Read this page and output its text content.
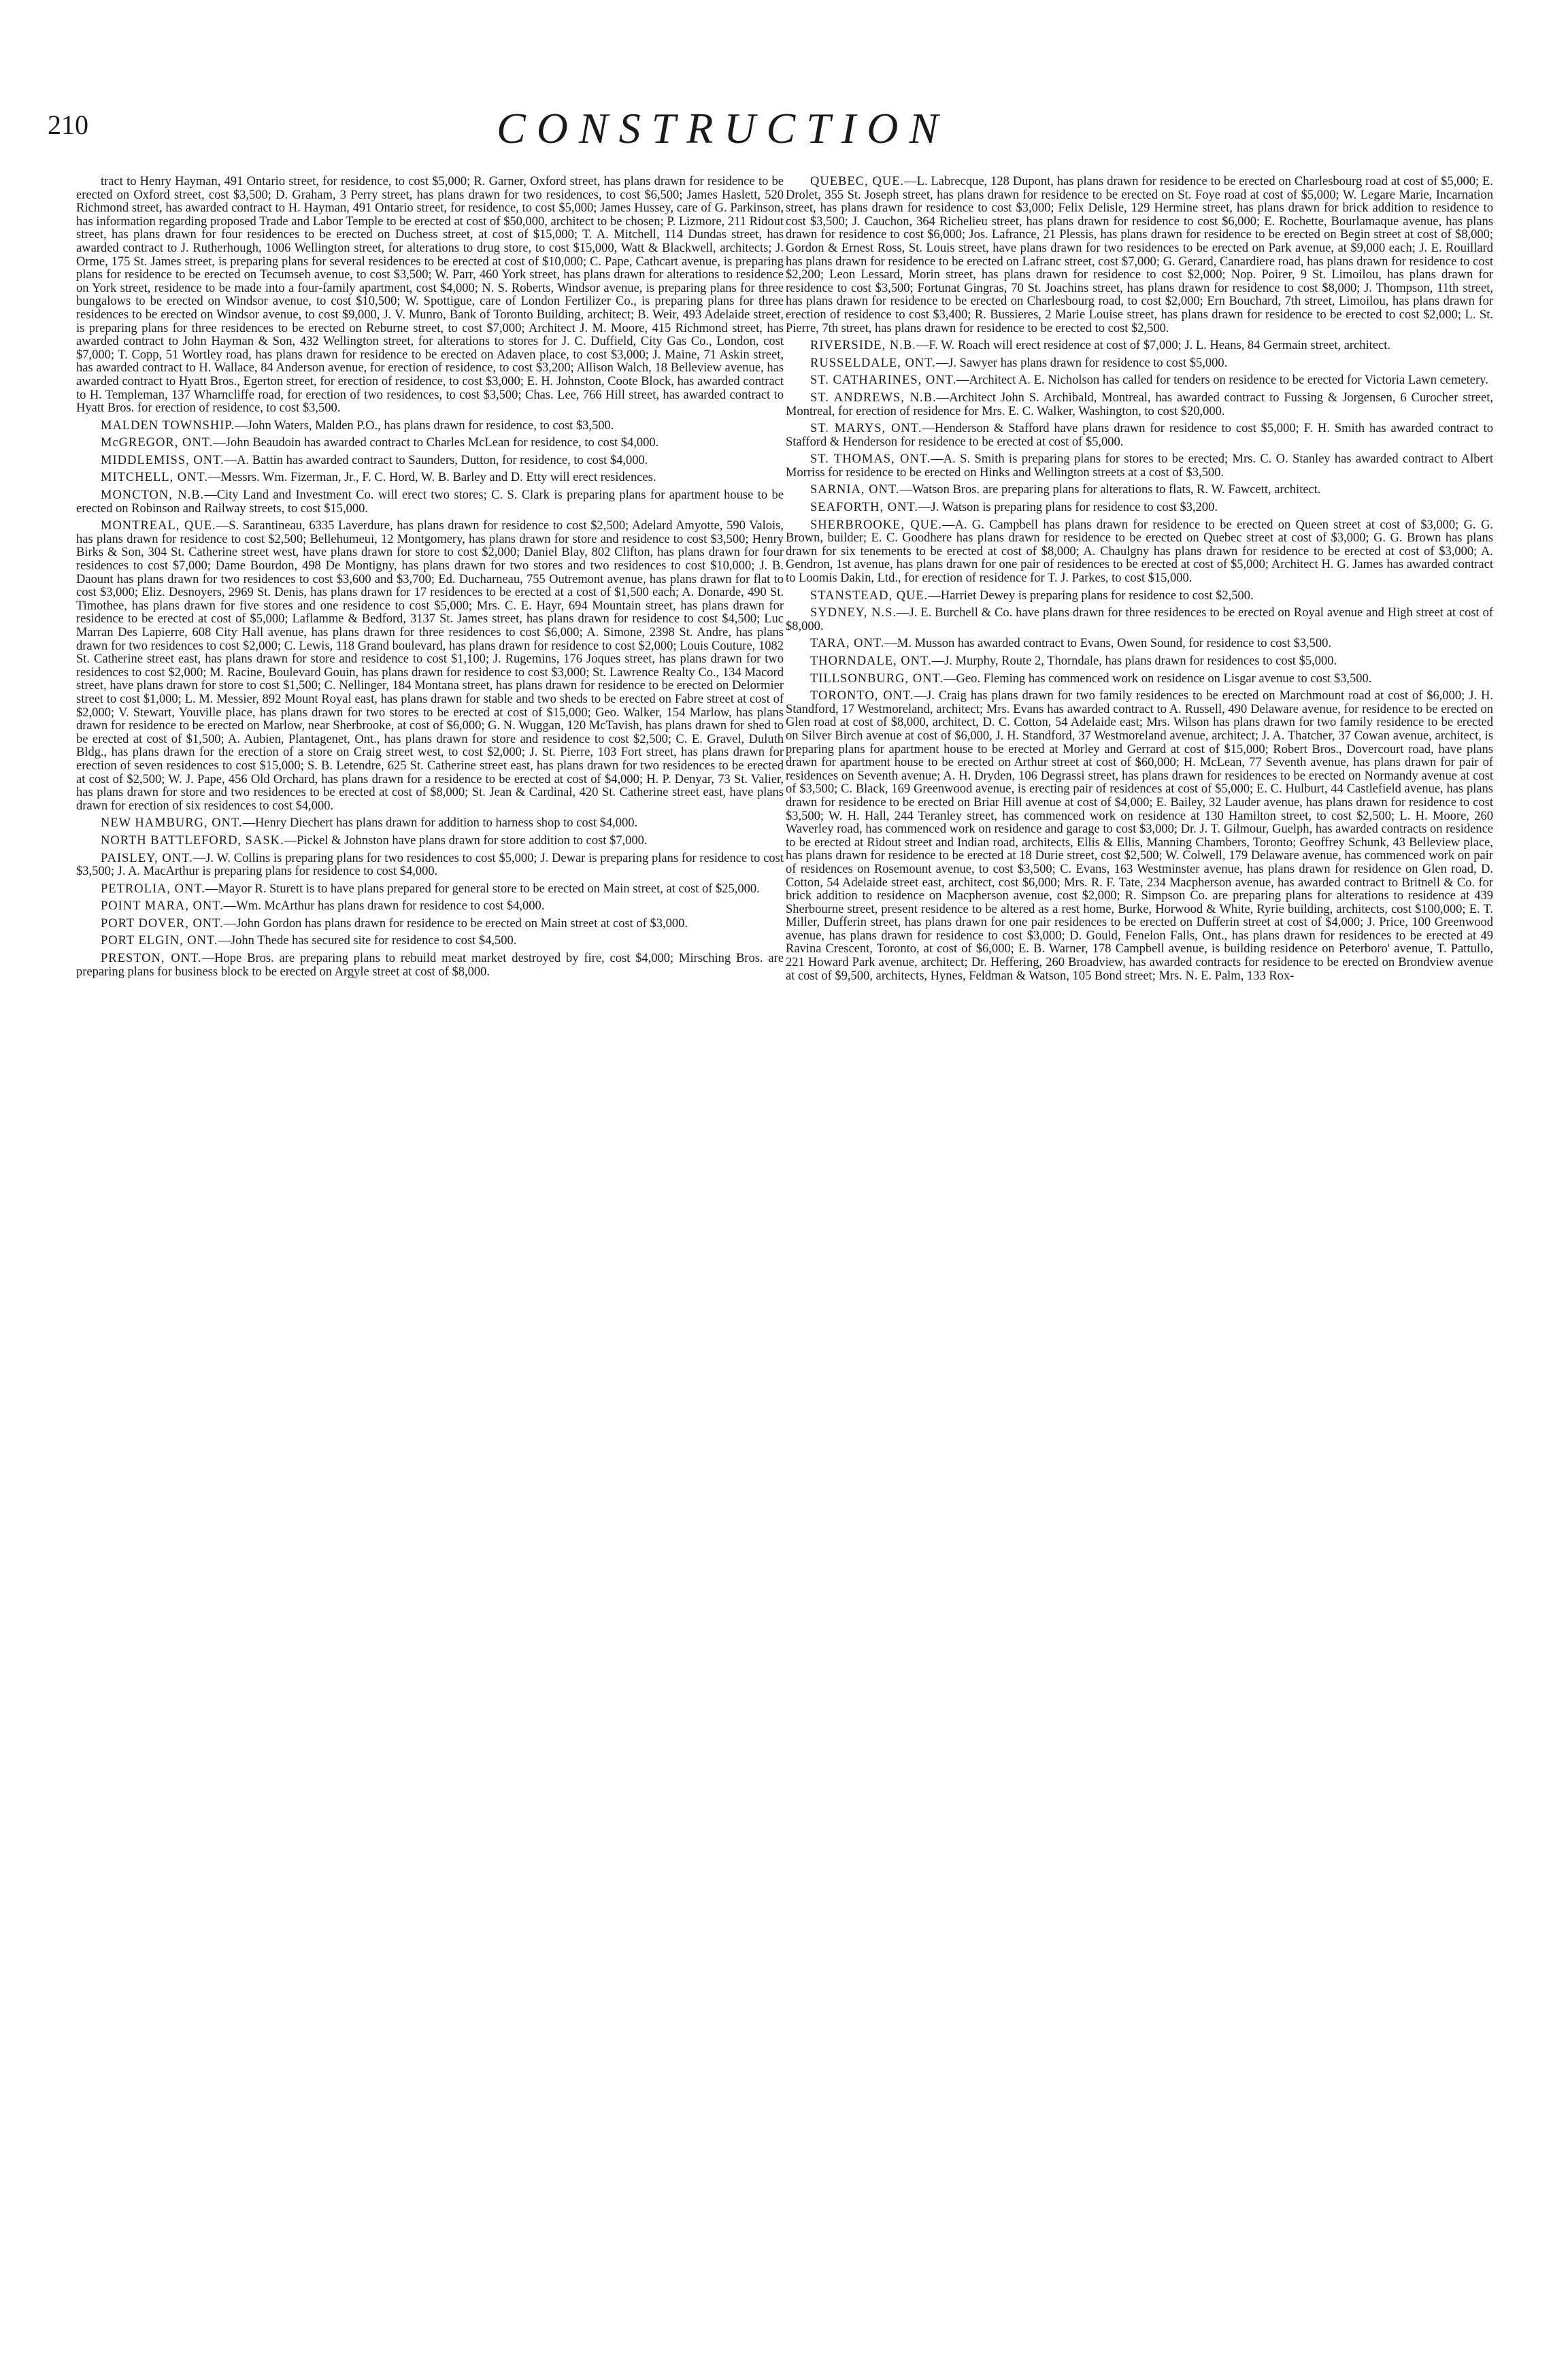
210	CONSTRUCTION

tract to Henry Hayman, 491 Ontario street, for residence, to cost $5,000; R. Garner, Oxford street, has plans drawn for residence to be erected on Oxford street, cost $3,500; D. Graham, 3 Perry street, has plans drawn for two residences, to cost $6,500; James Haslett, 520 Richmond street, has awarded contract to H. Hayman, 491 Ontario street, for residence, to cost $5,000; James Hussey, care of G. Parkinson, has information regarding proposed Trade and Labor Temple to be erected at cost of $50,000, architect to be chosen; P. Lizmore, 211 Ridout street, has plans drawn for four residences to be erected on Duchess street, at cost of $15,000; T. A. Mitchell, 114 Dundas street, has awarded contract to J. Rutherhough, 1006 Wellington street, for alterations to drug store, to cost $15,000, Watt & Blackwell, architects; J. Orme, 175 St. James street, is preparing plans for several residences to be erected at cost of $10,000; C. Pape, Cathcart avenue, is preparing plans for residence to be erected on Tecumseh avenue, to cost $3,500; W. Parr, 460 York street, has plans drawn for alterations to residence on York street, residence to be made into a four-family apartment, cost $4,000; N. S. Roberts, Windsor avenue, is preparing plans for three bungalows to be erected on Windsor avenue, to cost $10,500; W. Spottigue, care of London Fertilizer Co., is preparing plans for three residences to be erected on Windsor avenue, to cost $9,000, J. V. Munro, Bank of Toronto Building, architect; B. Weir, 493 Adelaide street, is preparing plans for three residences to be erected on Reburne street, to cost $7,000; Architect J. M. Moore, 415 Richmond street, has awarded contract to John Hayman & Son, 432 Wellington street, for alterations to stores for J. C. Duffield, City Gas Co., London, cost $7,000; T. Copp, 51 Wortley road, has plans drawn for residence to be erected on Adaven place, to cost $3,000; J. Maine, 71 Askin street, has awarded contract to H. Wallace, 84 Anderson avenue, for erection of residence, to cost $3,200; Allison Walch, 18 Belleview avenue, has awarded contract to Hyatt Bros., Egerton street, for erection of residence, to cost $3,000; E. H. Johnston, Coote Block, has awarded contract to H. Templeman, 137 Wharncliffe road, for erection of two residences, to cost $3,500; Chas. Lee, 766 Hill street, has awarded contract to Hyatt Bros. for erection of residence, to cost $3,500.

MALDEN TOWNSHIP.—John Waters, Malden P.O., has plans drawn for residence, to cost $3,500.

McGREGOR, ONT.—John Beaudoin has awarded contract to Charles McLean for residence, to cost $4,000.

MIDDLEMISS, ONT.—A. Battin has awarded contract to Saunders, Dutton, for residence, to cost $4,000.

MITCHELL, ONT.—Messrs. Wm. Fizerman, Jr., F. C. Hord, W. B. Barley and D. Etty will erect residences.

MONCTON, N.B.—City Land and Investment Co. will erect two stores; C. S. Clark is preparing plans for apartment house to be erected on Robinson and Railway streets, to cost $15,000.

MONTREAL, QUE.—S. Sarantineau, 6335 Laverdure, has plans drawn for residence to cost $2,500; Adelard Amyotte, 590 Valois, has plans drawn for residence to cost $2,500; Bellehumeui, 12 Montgomery, has plans drawn for store and residence to cost $3,500; Henry Birks & Son, 304 St. Catherine street west, have plans drawn for store to cost $2,000; Daniel Blay, 802 Clifton, has plans drawn for four residences to cost $7,000; Dame Bourdon, 498 De Montigny, has plans drawn for two stores and two residences to cost $10,000; J. B. Daount has plans drawn for two residences to cost $3,600 and $3,700; Ed. Ducharneau, 755 Outremont avenue, has plans drawn for flat to cost $3,000; Eliz. Desnoyers, 2969 St. Denis, has plans drawn for 17 residences to be erected at a cost of $1,500 each; A. Donarde, 490 St. Timothee, has plans drawn for five stores and one residence to cost $5,000; Mrs. C. E. Hayr, 694 Mountain street, has plans drawn for residence to be erected at cost of $5,000; Laflamme & Bedford, 3137 St. James street, has plans drawn for residence to cost $4,500; Luc Marran Des Lapierre, 608 City Hall avenue, has plans drawn for three residences to cost $6,000; A. Simone, 2398 St. Andre, has plans drawn for two residences to cost $2,000; C. Lewis, 118 Grand boulevard, has plans drawn for residence to cost $2,000; Louis Couture, 1082 St. Catherine street east, has plans drawn for store and residence to cost $1,100; J. Rugemins, 176 Joques street, has plans drawn for two residences to cost $2,000; M. Racine, Boulevard Gouin, has plans drawn for residence to cost $3,000; St. Lawrence Realty Co., 134 Macord street, have plans drawn for store to cost $1,500; C. Nellinger, 184 Montana street, has plans drawn for residence to be erected on Delormier street to cost $1,000; L. M. Messier, 892 Mount Royal east, has plans drawn for stable and two sheds to be erected on Fabre street at cost of $2,000; V. Stewart, Youville place, has plans drawn for two stores to be erected at cost of $15,000; Geo. Walker, 154 Marlow, has plans drawn for residence to be erected on Marlow, near Sherbrooke, at cost of $6,000; G. N. Wuggan, 120 McTavish, has plans drawn for shed to be erected at cost of $1,500; A. Aubien, Plantagenet, Ont., has plans drawn for store and residence to cost $2,500; C. E. Gravel, Duluth Bldg., has plans drawn for the erection of a store on Craig street west, to cost $2,000; J. St. Pierre, 103 Fort street, has plans drawn for erection of seven residences to cost $15,000; S. B. Letendre, 625 St. Catherine street east, has plans drawn for two residences to be erected at cost of $2,500; W. J. Pape, 456 Old Orchard, has plans drawn for a residence to be erected at cost of $4,000; H. P. Denyar, 73 St. Valier, has plans drawn for store and two residences to be erected at cost of $8,000; St. Jean & Cardinal, 420 St. Catherine street east, have plans drawn for erection of six residences to cost $4,000.

NEW HAMBURG, ONT.—Henry Diechert has plans drawn for addition to harness shop to cost $4,000.

NORTH BATTLEFORD, SASK.—Pickel & Johnston have plans drawn for store addition to cost $7,000.

PAISLEY, ONT.—J. W. Collins is preparing plans for two residences to cost $5,000; J. Dewar is preparing plans for residence to cost $3,500; J. A. MacArthur is preparing plans for residence to cost $4,000.

PETROLIA, ONT.—Mayor R. Sturett is to have plans prepared for general store to be erected on Main street, at cost of $25,000.

POINT MARA, ONT.—Wm. McArthur has plans drawn for residence to cost $4,000.

PORT DOVER, ONT.—John Gordon has plans drawn for residence to be erected on Main street at cost of $3,000.

PORT ELGIN, ONT.—John Thede has secured site for residence to cost $4,500.

PRESTON, ONT.—Hope Bros. are preparing plans to rebuild meat market destroyed by fire, cost $4,000; Mirsching Bros. are preparing plans for business block to be erected on Argyle street at cost of $8,000.

QUEBEC, QUE.—L. Labrecque, 128 Dupont, has plans drawn for residence to be erected on Charlesbourg road at cost of $5,000; E. Drolet, 355 St. Joseph street, has plans drawn for residence to be erected on St. Foye road at cost of $5,000; W. Legare Marie, Incarnation street, has plans drawn for residence to cost $3,000; Felix Delisle, 129 Hermine street, has plans drawn for brick addition to residence to cost $3,500; J. Cauchon, 364 Richelieu street, has plans drawn for residence to cost $6,000; E. Rochette, Bourlamaque avenue, has plans drawn for residence to cost $6,000; Jos. Lafrance, 21 Plessis, has plans drawn for residence to be erected on Begin street at cost of $8,000; Gordon & Ernest Ross, St. Louis street, have plans drawn for two residences to be erected on Park avenue, at $9,000 each; J. E. Rouillard has plans drawn for residence to be erected on Lafranc street, cost $7,000; G. Gerard, Canardiere road, has plans drawn for residence to cost $2,200; Leon Lessard, Morin street, has plans drawn for residence to cost $2,000; Nop. Poirer, 9 St. Limoilou, has plans drawn for residence to cost $3,500; Fortunat Gingras, 70 St. Joachins street, has plans drawn for residence to cost $8,000; J. Thompson, 11th street, has plans drawn for residence to be erected on Charlesbourg road, to cost $2,000; Ern Bouchard, 7th street, Limoilou, has plans drawn for erection of residence to cost $3,400; R. Bussieres, 2 Marie Louise street, has plans drawn for residence to be erected to cost $2,000; L. St. Pierre, 7th street, has plans drawn for residence to be erected to cost $2,500.

RIVERSIDE, N.B.—F. W. Roach will erect residence at cost of $7,000; J. L. Heans, 84 Germain street, architect.

RUSSELDALE, ONT.—J. Sawyer has plans drawn for residence to cost $5,000.

ST. CATHARINES, ONT.—Architect A. E. Nicholson has called for tenders on residence to be erected for Victoria Lawn cemetery.

ST. ANDREWS, N.B.—Architect John S. Archibald, Montreal, has awarded contract to Fussing & Jorgensen, 6 Curocher street, Montreal, for erection of residence for Mrs. E. C. Walker, Washington, to cost $20,000.

ST. MARYS, ONT.—Henderson & Stafford have plans drawn for residence to cost $5,000; F. H. Smith has awarded contract to Stafford & Henderson for residence to be erected at cost of $5,000.

ST. THOMAS, ONT.—A. S. Smith is preparing plans for stores to be erected; Mrs. C. O. Stanley has awarded contract to Albert Morriss for residence to be erected on Hinks and Wellington streets at a cost of $3,500.

SARNIA, ONT.—Watson Bros. are preparing plans for alterations to flats, R. W. Fawcett, architect.

SEAFORTH, ONT.—J. Watson is preparing plans for residence to cost $3,200.

SHERBROOKE, QUE.—A. G. Campbell has plans drawn for residence to be erected on Queen street at cost of $3,000; G. G. Brown, builder; E. C. Goodhere has plans drawn for residence to be erected on Quebec street at cost of $3,000; G. G. Brown has plans drawn for six tenements to be erected at cost of $8,000; A. Chaulgny has plans drawn for residence to be erected at cost of $3,000; A. Gendron, 1st avenue, has plans drawn for one pair of residences to be erected at cost of $5,000; Architect H. G. James has awarded contract to Loomis Dakin, Ltd., for erection of residence for T. J. Parkes, to cost $15,000.

STANSTEAD, QUE.—Harriet Dewey is preparing plans for residence to cost $2,500.

SYDNEY, N.S.—J. E. Burchell & Co. have plans drawn for three residences to be erected on Royal avenue and High street at cost of $8,000.

TARA, ONT.—M. Musson has awarded contract to Evans, Owen Sound, for residence to cost $3,500.

THORNDALE, ONT.—J. Murphy, Route 2, Thorndale, has plans drawn for residences to cost $5,000.

TILLSONBURG, ONT.—Geo. Fleming has commenced work on residence on Lisgar avenue to cost $3,500.

TORONTO, ONT.—J. Craig has plans drawn for two family residences to be erected on Marchmount road at cost of $6,000; J. H. Standford, 17 Westmoreland, architect; Mrs. Evans has awarded contract to A. Russell, 490 Delaware avenue, for residence to be erected on Glen road at cost of $8,000, architect, D. C. Cotton, 54 Adelaide east; Mrs. Wilson has plans drawn for two family residence to be erected on Silver Birch avenue at cost of $6,000, J. H. Standford, 37 Westmoreland avenue, architect; J. A. Thatcher, 37 Cowan avenue, architect, is preparing plans for apartment house to be erected at Morley and Gerrard at cost of $15,000; Robert Bros., Dovercourt road, have plans drawn for apartment house to be erected on Arthur street at cost of $60,000; H. McLean, 77 Seventh avenue, has plans drawn for pair of residences on Seventh avenue; A. H. Dryden, 106 Degrassi street, has plans drawn for residences to be erected on Normandy avenue at cost of $3,500; C. Black, 169 Greenwood avenue, is erecting pair of residences at cost of $5,000; E. C. Hulburt, 44 Castlefield avenue, has plans drawn for residence to be erected on Briar Hill avenue at cost of $4,000; E. Bailey, 32 Lauder avenue, has plans drawn for residence to cost $3,500; W. H. Hall, 244 Teranley street, has commenced work on residence at 130 Hamilton street, to cost $2,500; L. H. Moore, 260 Waverley road, has commenced work on residence and garage to cost $3,000; Dr. J. T. Gilmour, Guelph, has awarded contracts on residence to be erected at Ridout street and Indian road, architects, Ellis & Ellis, Manning Chambers, Toronto; Geoffrey Schunk, 43 Belleview place, has plans drawn for residence to be erected at 18 Durie street, cost $2,500; W. Colwell, 179 Delaware avenue, has commenced work on pair of residences on Rosemount avenue, to cost $3,500; C. Evans, 163 Westminster avenue, has plans drawn for residence on Glen road, D. Cotton, 54 Adelaide street east, architect, cost $6,000; Mrs. R. F. Tate, 234 Macpherson avenue, has awarded contract to Britnell & Co. for brick addition to residence on Macpherson avenue, cost $2,000; R. Simpson Co. are preparing plans for alterations to residence at 439 Sherbourne street, present residence to be altered as a rest home, Burke, Horwood & White, Ryrie building, architects, cost $100,000; E. T. Miller, Dufferin street, has plans drawn for one pair residences to be erected on Dufferin street at cost of $4,000; J. Price, 100 Greenwood avenue, has plans drawn for residence to cost $3,000; D. Gould, Fenelon Falls, Ont., has plans drawn for residences to be erected at 49 Ravina Crescent, Toronto, at cost of $6,000; E. B. Warner, 178 Campbell avenue, is building residence on Peterboro' avenue, T. Pattullo, 221 Howard Park avenue, architect; Dr. Heffering, 260 Broadview, has awarded contracts for residence to be erected on Brondview avenue at cost of $9,500, architects, Hynes, Feldman & Watson, 105 Bond street; Mrs. N. E. Palm, 133 Rox-
